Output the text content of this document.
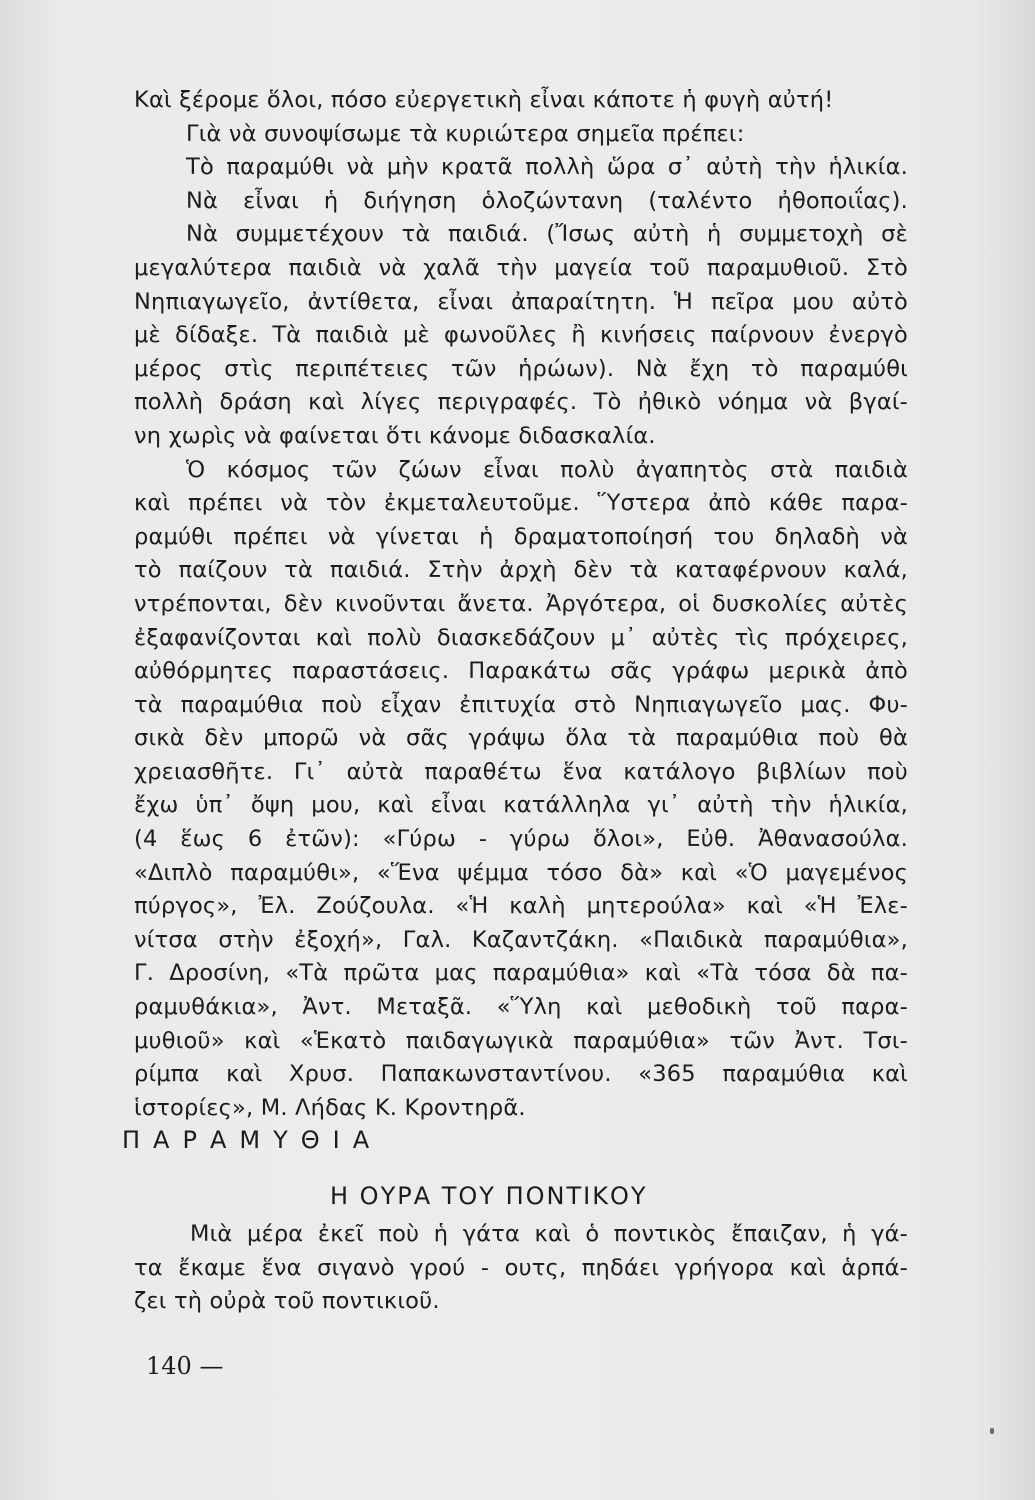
Καὶ ξέρομε ὅλοι, πόσο εὐεργετικὴ εἶναι κάποτε ἡ φυγὴ αὐτή!
Γιὰ νὰ συνοψίσωμε τὰ κυριώτερα σημεῖα πρέπει:
Τὸ παραμύθι νὰ μὴν κρατᾶ πολλὴ ὥρα σ᾽ αὐτὴ τὴν ἡλικία.
Νὰ εἶναι ἡ διήγηση ὁλοζώντανη (ταλέντο ἠθοποιΐας).
Νὰ συμμετέχουν τὰ παιδιά. (Ἴσως αὐτὴ ἡ συμμετοχὴ σὲ
μεγαλύτερα παιδιὰ νὰ χαλᾶ τὴν μαγεία τοῦ παραμυθιοῦ. Στὸ
Νηπιαγωγεῖο, ἀντίθετα, εἶναι ἀπαραίτητη. Ἡ πεῖρα μου αὐτὸ
μὲ δίδαξε. Τὰ παιδιὰ μὲ φωνοῦλες ἢ κινήσεις παίρνουν ἐνεργὸ
μέρος στὶς περιπέτειες τῶν ἡρώων). Νὰ ἔχη τὸ παραμύθι
πολλὴ δράση καὶ λίγες περιγραφές. Τὸ ἠθικὸ νόημα νὰ βγαί-
νη χωρὶς νὰ φαίνεται ὅτι κάνομε διδασκαλία.
Ὁ κόσμος τῶν ζώων εἶναι πολὺ ἀγαπητὸς στὰ παιδιὰ
καὶ πρέπει νὰ τὸν ἐκμεταλευτοῦμε. Ὕστερα ἀπὸ κάθε παρα-
ραμύθι πρέπει νὰ γίνεται ἡ δραματοποίησή του δηλαδὴ νὰ
τὸ παίζουν τὰ παιδιά. Στὴν ἀρχὴ δὲν τὰ καταφέρνουν καλά,
ντρέπονται, δὲν κινοῦνται ἄνετα. Ἀργότερα, οἱ δυσκολίες αὐτὲς
ἐξαφανίζονται καὶ πολὺ διασκεδάζουν μ᾽ αὐτὲς τὶς πρόχειρες,
αὐθόρμητες παραστάσεις. Παρακάτω σᾶς γράφω μερικὰ ἀπὸ
τὰ παραμύθια ποὺ εἶχαν ἐπιτυχία στὸ Νηπιαγωγεῖο μας. Φυ-
σικὰ δὲν μπορῶ νὰ σᾶς γράψω ὅλα τὰ παραμύθια ποὺ θὰ
χρειασθῆτε. Γι᾽ αὐτὰ παραθέτω ἕνα κατάλογο βιβλίων ποὺ
ἔχω ὑπ᾽ ὄψη μου, καὶ εἶναι κατάλληλα γι᾽ αὐτὴ τὴν ἡλικία,
(4 ἕως 6 ἐτῶν): «Γύρω - γύρω ὅλοι», Εὐθ. Ἀθανασούλα.
«Διπλὸ παραμύθι», «Ἕνα ψέμμα τόσο δὰ» καὶ «Ὁ μαγεμένος
πύργος», Ἐλ. Ζούζουλα. «Ἡ καλὴ μητερούλα» καὶ «Ἡ Ἐλε-
νίτσα στὴν ἐξοχή», Γαλ. Καζαντζάκη. «Παιδικὰ παραμύθια»,
Γ. Δροσίνη, «Τὰ πρῶτα μας παραμύθια» καὶ «Τὰ τόσα δὰ πα-
ραμυθάκια», Ἀντ. Μεταξᾶ. «Ὕλη καὶ μεθοδικὴ τοῦ παρα-
μυθιοῦ» καὶ «Ἑκατὸ παιδαγωγικὰ παραμύθια» τῶν Ἀντ. Τσι-
ρίμπα καὶ Χρυσ. Παπακωνσταντίνου. «365 παραμύθια καὶ
ἱστορίες», Μ. Λήδας Κ. Κροντηρᾶ.
ΠΑΡΑΜΥΘΙΑ
Η ΟΥΡΑ ΤΟΥ ΠΟΝΤΙΚΟΥ
Μιὰ μέρα ἐκεῖ ποὺ ἡ γάτα καὶ ὁ ποντικὸς ἔπαιζαν, ἡ γά-
τα ἔκαμε ἕνα σιγανὸ γρού - ουτς, πηδάει γρήγορα καὶ ἁρπά-
ζει τὴ οὐρὰ τοῦ ποντικιοῦ.
140 —
